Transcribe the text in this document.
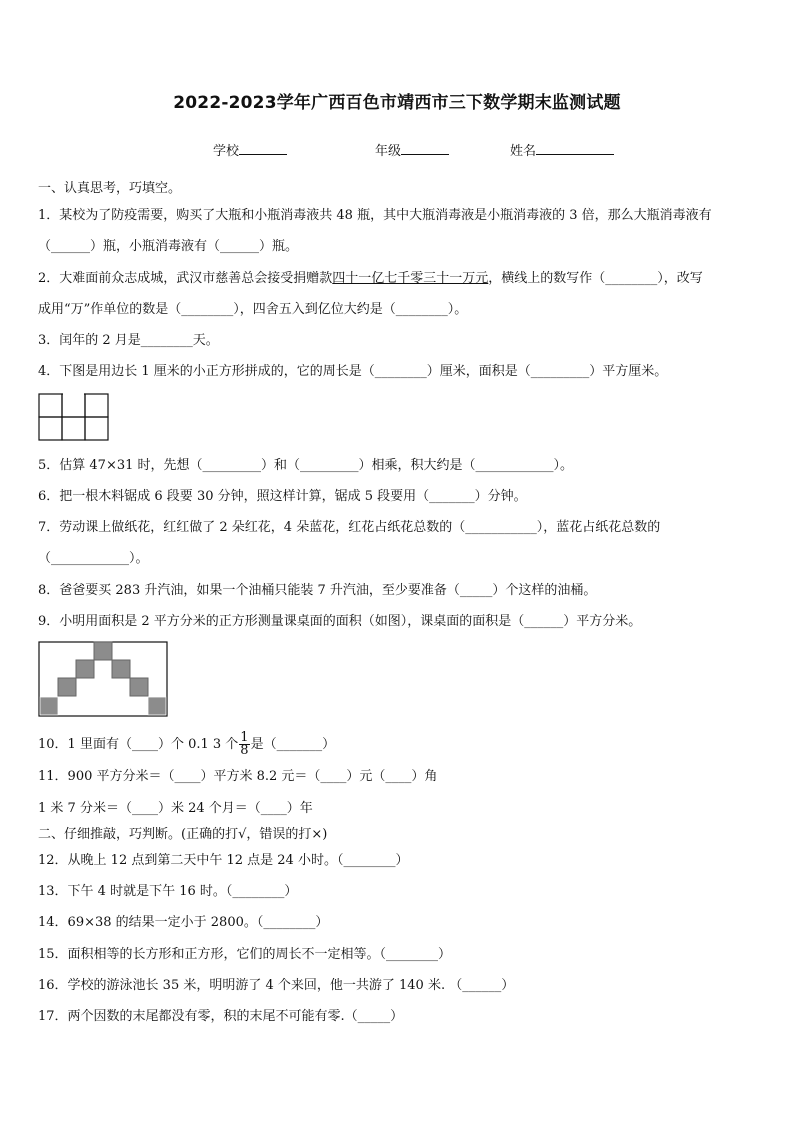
2022-2023学年广西百色市靖西市三下数学期末监测试题
学校	年级	姓名
一、认真思考，巧填空。
1．某校为了防疫需要，购买了大瓶和小瓶消毒液共 48 瓶，其中大瓶消毒液是小瓶消毒液的 3 倍，那么大瓶消毒液有
（______）瓶，小瓶消毒液有（______）瓶。
2．大难面前众志成城，武汉市慈善总会接受捐赠款四十一亿七千零三十一万元，横线上的数写作（________），改写
成用“万”作单位的数是（________），四舍五入到亿位大约是（________）。
3．闰年的 2 月是________天。
4．下图是用边长 1 厘米的小正方形拼成的，它的周长是（________）厘米，面积是（_________）平方厘米。
5．估算 47×31 时，先想（_________）和（_________）相乘，积大约是（____________）。
6．把一根木料锯成 6 段要 30 分钟，照这样计算，锯成 5 段要用（_______）分钟。
7．劳动课上做纸花，红红做了 2 朵红花，4 朵蓝花，红花占纸花总数的（___________），蓝花占纸花总数的
（____________）。
8．爸爸要买 283 升汽油，如果一个油桶只能装 7 升汽油，至少要准备（_____）个这样的油桶。
9．小明用面积是 2 平方分米的正方形测量课桌面的面积（如图），课桌面的面积是（______）平方分米。
10．1 里面有（____）个 0.1 3 个 $\frac{1}{8}$ 是（_______）
11．900 平方分米＝（____）平方米 8.2 元＝（____）元（____）角
1 米 7 分米＝（____）米 24 个月＝（____）年
二、仔细推敲，巧判断。(正确的打√，错误的打×)
12．从晚上 12 点到第二天中午 12 点是 24 小时。（________）
13．下午 4 时就是下午 16 时。（________）
14．69×38 的结果一定小于 2800。（________）
15．面积相等的长方形和正方形，它们的周长不一定相等。（________）
16．学校的游泳池长 35 米，明明游了 4 个来回，他一共游了 140 米. （______）
17．两个因数的末尾都没有零，积的末尾不可能有零.（_____）
